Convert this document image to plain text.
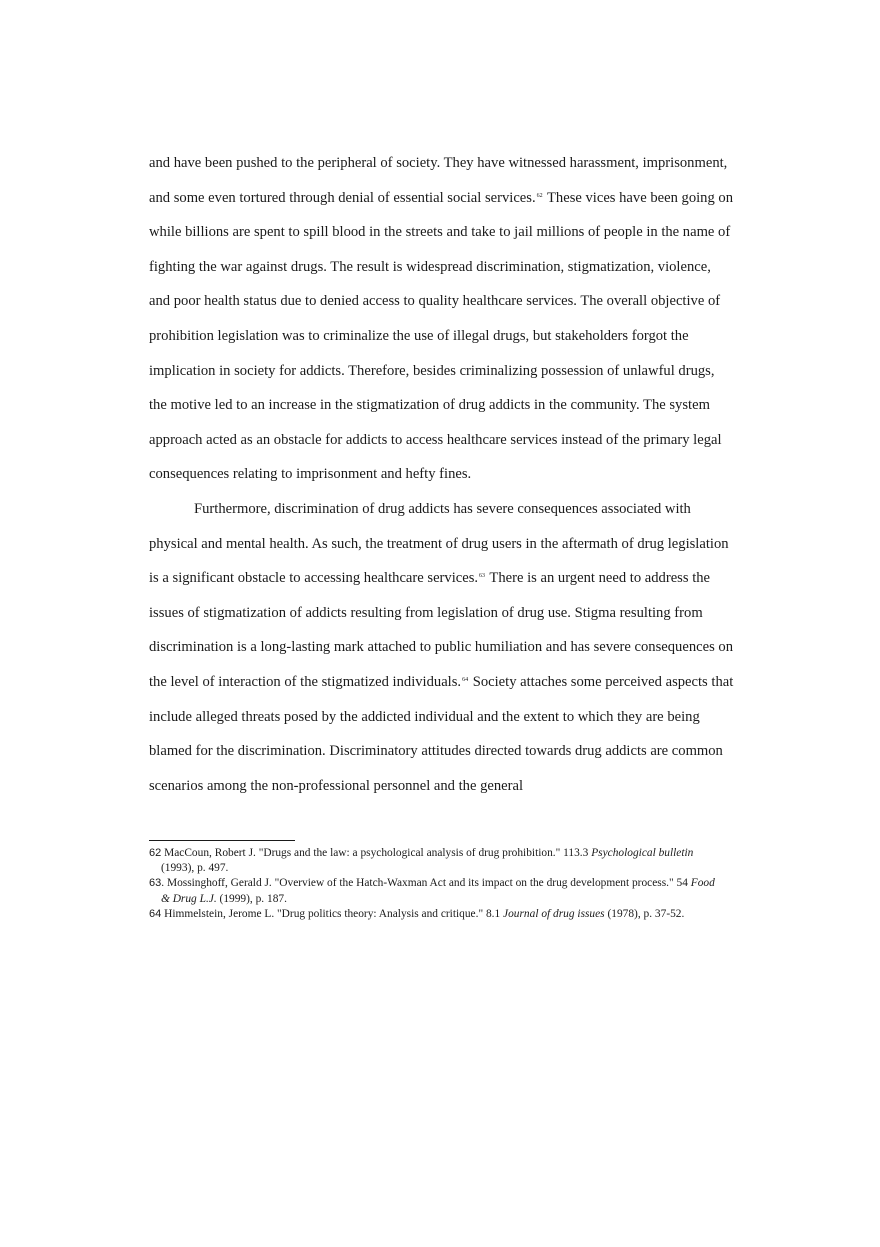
and have been pushed to the peripheral of society. They have witnessed harassment, imprisonment, and some even tortured through denial of essential social services.$^{62}$ These vices have been going on while billions are spent to spill blood in the streets and take to jail millions of people in the name of fighting the war against drugs. The result is widespread discrimination, stigmatization, violence, and poor health status due to denied access to quality healthcare services. The overall objective of prohibition legislation was to criminalize the use of illegal drugs, but stakeholders forgot the implication in society for addicts. Therefore, besides criminalizing possession of unlawful drugs, the motive led to an increase in the stigmatization of drug addicts in the community. The system approach acted as an obstacle for addicts to access healthcare services instead of the primary legal consequences relating to imprisonment and hefty fines.

Furthermore, discrimination of drug addicts has severe consequences associated with physical and mental health. As such, the treatment of drug users in the aftermath of drug legislation is a significant obstacle to accessing healthcare services.$^{63}$ There is an urgent need to address the issues of stigmatization of addicts resulting from legislation of drug use. Stigma resulting from discrimination is a long-lasting mark attached to public humiliation and has severe consequences on the level of interaction of the stigmatized individuals.$^{64}$ Society attaches some perceived aspects that include alleged threats posed by the addicted individual and the extent to which they are being blamed for the discrimination. Discriminatory attitudes directed towards drug addicts are common scenarios among the non-professional personnel and the general

62 MacCoun, Robert J. "Drugs and the law: a psychological analysis of drug prohibition." 113.3 Psychological bulletin (1993), p. 497.

63. Mossinghoff, Gerald J. "Overview of the Hatch-Waxman Act and its impact on the drug development process." 54 Food & Drug L.J. (1999), p. 187.

64 Himmelstein, Jerome L. "Drug politics theory: Analysis and critique." 8.1 Journal of drug issues (1978), p. 37-52.
